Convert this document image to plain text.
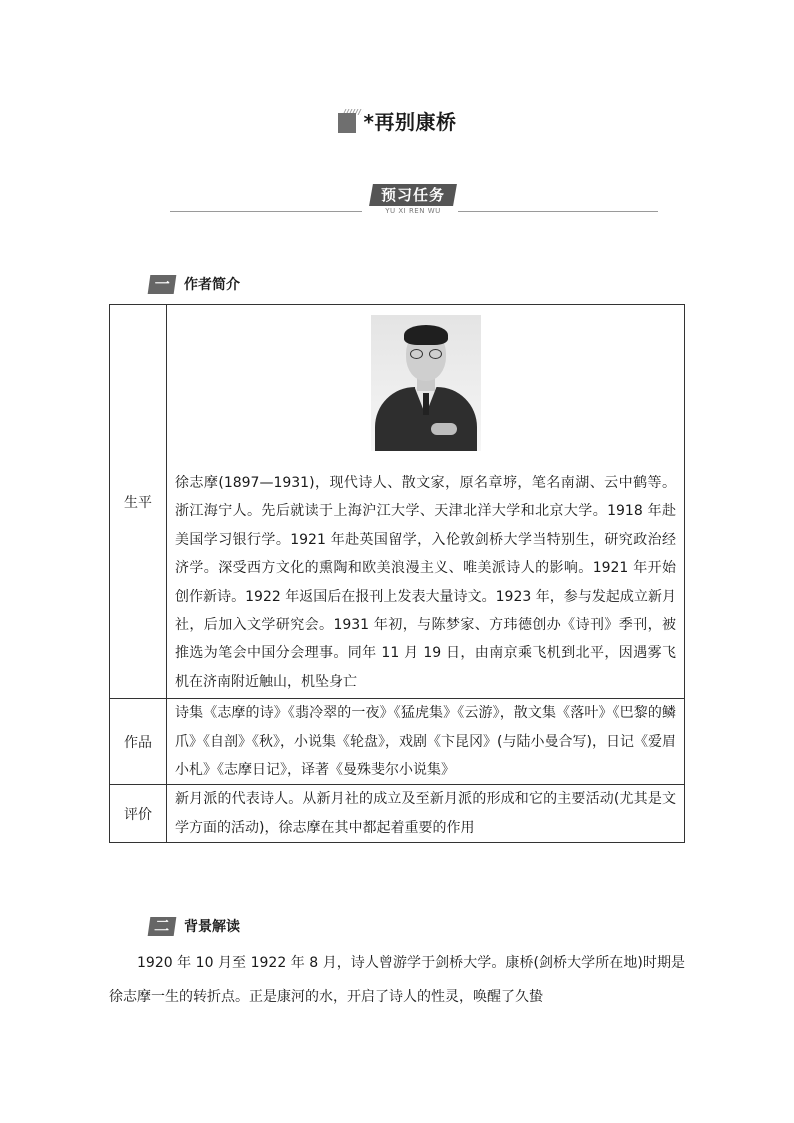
*再别康桥
预习任务
YU XI REN WU
一 作者简介
生平	徐志摩(1897—1931)，现代诗人、散文家，原名章垿，笔名南湖、云中鹤等。浙江海宁人。先后就读于上海沪江大学、天津北洋大学和北京大学。1918 年赴美国学习银行学。1921 年赴英国留学，入伦敦剑桥大学当特别生，研究政治经济学。深受西方文化的熏陶和欧美浪漫主义、唯美派诗人的影响。1921 年开始创作新诗。1922 年返国后在报刊上发表大量诗文。1923 年，参与发起成立新月社，后加入文学研究会。1931 年初，与陈梦家、方玮德创办《诗刊》季刊，被推选为笔会中国分会理事。同年 11 月 19 日，由南京乘飞机到北平，因遇雾飞机在济南附近触山，机坠身亡

作品	诗集《志摩的诗》《翡冷翠的一夜》《猛虎集》《云游》，散文集《落叶》《巴黎的鳞爪》《自剖》《秋》，小说集《轮盘》，戏剧《卞昆冈》(与陆小曼合写)，日记《爱眉小札》《志摩日记》，译著《曼殊斐尔小说集》
评价	新月派的代表诗人。从新月社的成立及至新月派的形成和它的主要活动(尤其是文学方面的活动)，徐志摩在其中都起着重要的作用
二 背景解读
1920 年 10 月至 1922 年 8 月，诗人曾游学于剑桥大学。康桥(剑桥大学所在地)时期是徐志摩一生的转折点。正是康河的水，开启了诗人的性灵，唤醒了久蛰
